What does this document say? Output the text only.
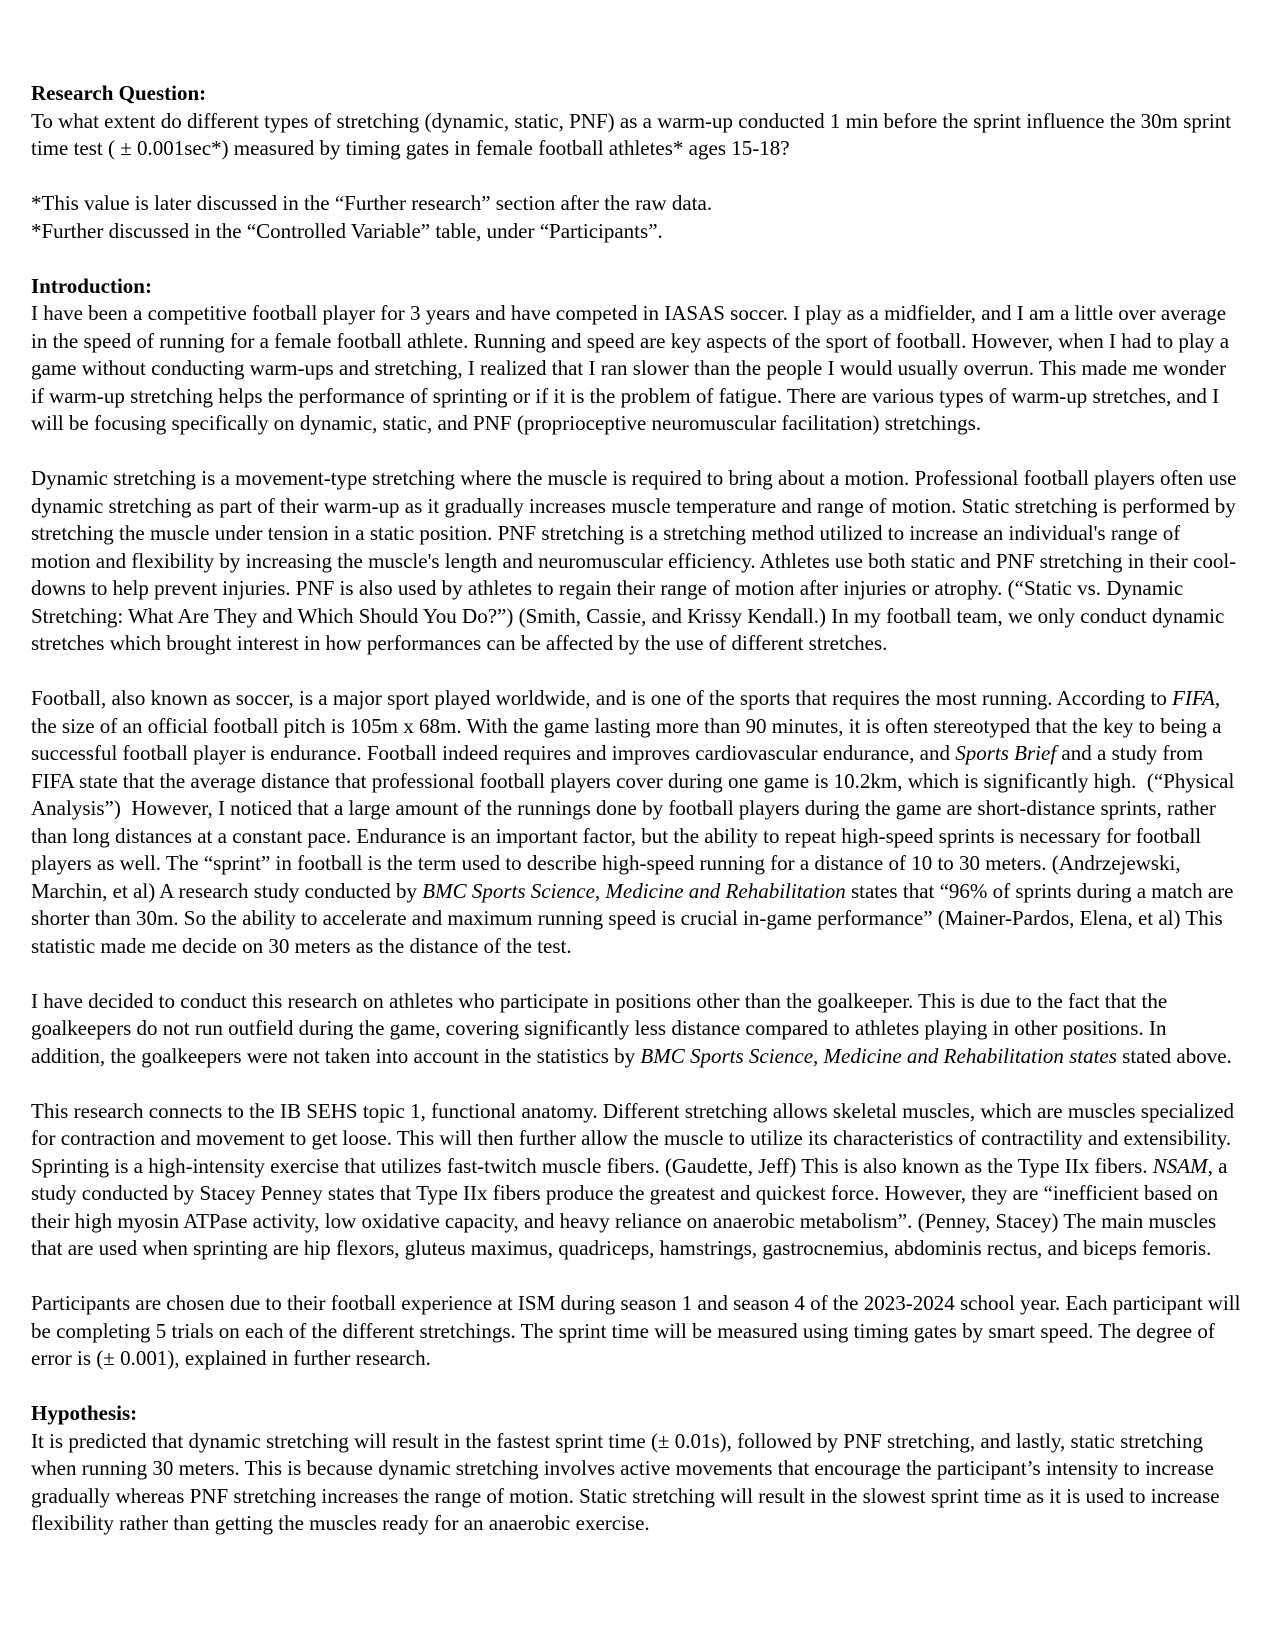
Research Question:

To what extent do different types of stretching (dynamic, static, PNF) as a warm-up conducted 1 min before the sprint influence the 30m sprint time test ( ± 0.001sec*) measured by timing gates in female football athletes* ages 15-18?

*This value is later discussed in the “Further research” section after the raw data.

*Further discussed in the “Controlled Variable” table, under “Participants”.

Introduction:

I have been a competitive football player for 3 years and have competed in IASAS soccer. I play as a midfielder, and I am a little over average in the speed of running for a female football athlete. Running and speed are key aspects of the sport of football. However, when I had to play a game without conducting warm-ups and stretching, I realized that I ran slower than the people I would usually overrun. This made me wonder if warm-up stretching helps the performance of sprinting or if it is the problem of fatigue. There are various types of warm-up stretches, and I will be focusing specifically on dynamic, static, and PNF (proprioceptive neuromuscular facilitation) stretchings.

Dynamic stretching is a movement-type stretching where the muscle is required to bring about a motion. Professional football players often use dynamic stretching as part of their warm-up as it gradually increases muscle temperature and range of motion. Static stretching is performed by stretching the muscle under tension in a static position. PNF stretching is a stretching method utilized to increase an individual's range of motion and flexibility by increasing the muscle's length and neuromuscular efficiency. Athletes use both static and PNF stretching in their cool-downs to help prevent injuries. PNF is also used by athletes to regain their range of motion after injuries or atrophy. (“Static vs. Dynamic Stretching: What Are They and Which Should You Do?”) (Smith, Cassie, and Krissy Kendall.) In my football team, we only conduct dynamic stretches which brought interest in how performances can be affected by the use of different stretches.

Football, also known as soccer, is a major sport played worldwide, and is one of the sports that requires the most running. According to FIFA, the size of an official football pitch is 105m x 68m. With the game lasting more than 90 minutes, it is often stereotyped that the key to being a successful football player is endurance. Football indeed requires and improves cardiovascular endurance, and Sports Brief and a study from FIFA state that the average distance that professional football players cover during one game is 10.2km, which is significantly high.  (“Physical Analysis”)  However, I noticed that a large amount of the runnings done by football players during the game are short-distance sprints, rather than long distances at a constant pace. Endurance is an important factor, but the ability to repeat high-speed sprints is necessary for football players as well. The “sprint” in football is the term used to describe high-speed running for a distance of 10 to 30 meters. (Andrzejewski, Marchin, et al) A research study conducted by BMC Sports Science, Medicine and Rehabilitation states that “96% of sprints during a match are shorter than 30m. So the ability to accelerate and maximum running speed is crucial in-game performance” (Mainer-Pardos, Elena, et al) This statistic made me decide on 30 meters as the distance of the test.

I have decided to conduct this research on athletes who participate in positions other than the goalkeeper. This is due to the fact that the goalkeepers do not run outfield during the game, covering significantly less distance compared to athletes playing in other positions. In addition, the goalkeepers were not taken into account in the statistics by BMC Sports Science, Medicine and Rehabilitation states stated above.

This research connects to the IB SEHS topic 1, functional anatomy. Different stretching allows skeletal muscles, which are muscles specialized for contraction and movement to get loose. This will then further allow the muscle to utilize its characteristics of contractility and extensibility. Sprinting is a high-intensity exercise that utilizes fast-twitch muscle fibers. (Gaudette, Jeff) This is also known as the Type IIx fibers. NSAM, a study conducted by Stacey Penney states that Type IIx fibers produce the greatest and quickest force. However, they are “inefficient based on their high myosin ATPase activity, low oxidative capacity, and heavy reliance on anaerobic metabolism”. (Penney, Stacey) The main muscles that are used when sprinting are hip flexors, gluteus maximus, quadriceps, hamstrings, gastrocnemius, abdominis rectus, and biceps femoris.

Participants are chosen due to their football experience at ISM during season 1 and season 4 of the 2023-2024 school year. Each participant will be completing 5 trials on each of the different stretchings. The sprint time will be measured using timing gates by smart speed. The degree of error is (± 0.001), explained in further research.

Hypothesis:

It is predicted that dynamic stretching will result in the fastest sprint time (± 0.01s), followed by PNF stretching, and lastly, static stretching when running 30 meters. This is because dynamic stretching involves active movements that encourage the participant’s intensity to increase gradually whereas PNF stretching increases the range of motion. Static stretching will result in the slowest sprint time as it is used to increase flexibility rather than getting the muscles ready for an anaerobic exercise.
